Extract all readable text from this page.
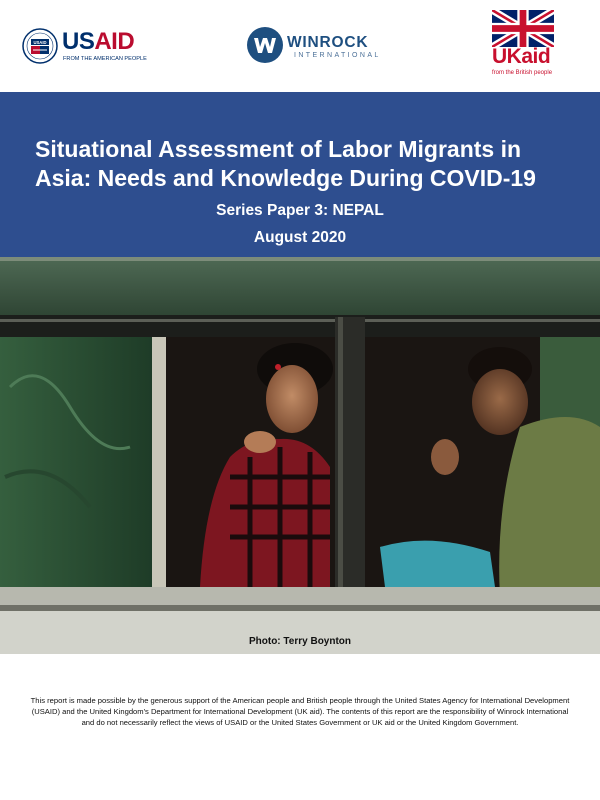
USAID USAID
FROM THE AMERICAN PEOPLE
WINROCK
INTERNATIONAL	UKaid
from the British people
Situational Assessment of Labor Migrants in Asia: Needs and Knowledge During COVID-19
Series Paper 3: NEPAL
August 2020
Photo: Terry Boynton

This report is made possible by the generous support of the American people and British people through the United States Agency for International Development (USAID) and the United Kingdom's Department for International Development (UK aid). The contents of this report are the responsibility of Winrock International and do not necessarily reflect the views of USAID or the United States Government or UK aid or the United Kingdom Government.
